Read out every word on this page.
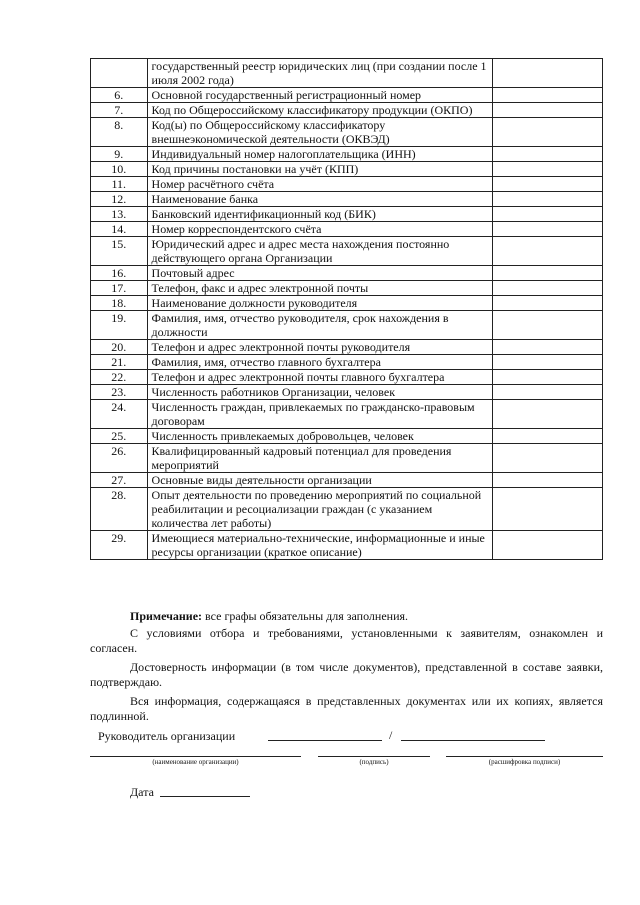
	государственный реестр юридических лиц (при создании после 1 июля 2002 года)	
6.	Основной государственный регистрационный номер	
7.	Код по Общероссийскому классификатору продукции (ОКПО)	
8.	Код(ы) по Общероссийскому классификатору внешнеэкономической деятельности (ОКВЭД)	
9.	Индивидуальный номер налогоплательщика (ИНН)	
10.	Код причины постановки на учёт (КПП)	
11.	Номер расчётного счёта	
12.	Наименование банка	
13.	Банковский идентификационный код (БИК)	
14.	Номер корреспондентского счёта	
15.	Юридический адрес и адрес места нахождения постоянно действующего органа Организации	
16.	Почтовый адрес	
17.	Телефон, факс и адрес электронной почты	
18.	Наименование должности руководителя	
19.	Фамилия, имя, отчество руководителя, срок нахождения в должности	
20.	Телефон и адрес электронной почты руководителя	
21.	Фамилия, имя, отчество главного бухгалтера	
22.	Телефон и адрес электронной почты главного бухгалтера	
23.	Численность работников Организации, человек	
24.	Численность граждан, привлекаемых по гражданско-правовым договорам	
25.	Численность привлекаемых добровольцев, человек	
26.	Квалифицированный кадровый потенциал для проведения мероприятий	
27.	Основные виды деятельности организации	
28.	Опыт деятельности по проведению мероприятий по социальной реабилитации и ресоциализации граждан (с указанием количества лет работы)	
29.	Имеющиеся материально-технические, информационные и иные ресурсы организации (краткое описание)	

Примечание: все графы обязательны для заполнения.

С условиями отбора и требованиями, установленными к заявителям, ознакомлен и согласен.

Достоверность информации (в том числе документов), представленной в составе заявки, подтверждаю.

Вся информация, содержащаяся в представленных документах или их копиях, является подлинной.

Руководитель организации	/
(наименование организации)	(подпись)	(расшифровка подписи)
Дата
